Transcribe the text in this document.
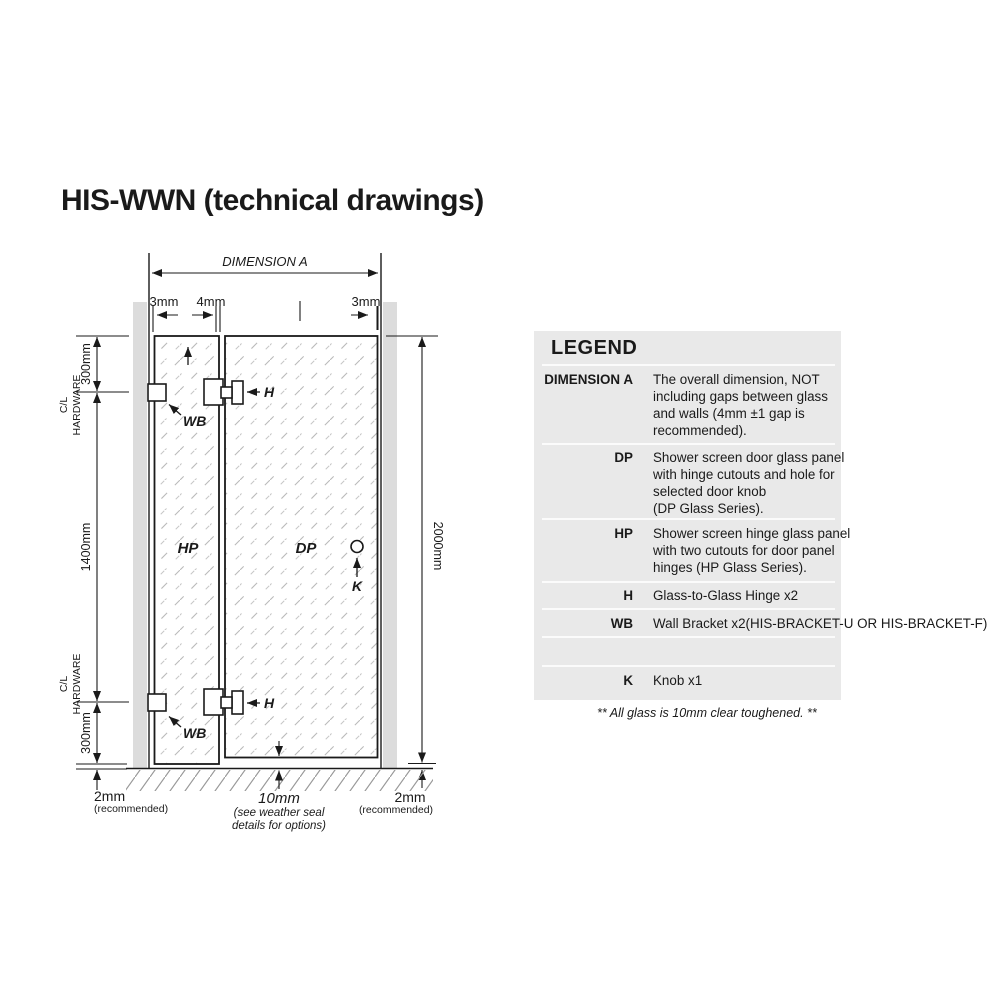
HIS-WWN (technical drawings)
DIMENSION A
3mm 4mm	3mm
300mm
C/L HARDWARE
1400mm
C/L HARDWARE
300mm
2000mm
HP	DP
H
H
WB
WB
K
2mm
(recommended)
10mm
(see weather seal
details for options)
2mm
(recommended)
LEGEND
DIMENSION A The overall dimension, NOT
including gaps between glass
and walls (4mm ±1 gap is
recommended).
DP Shower screen door glass panel
with hinge cutouts and hole for
selected door knob
(DP Glass Series).
HP Shower screen hinge glass panel
with two cutouts for door panel
hinges (HP Glass Series).
H Glass-to-Glass Hinge x2
WB Wall Bracket x2(HIS-BRACKET-U OR HIS-BRACKET-F)
K Knob x1
** All glass is 10mm clear toughened. **
